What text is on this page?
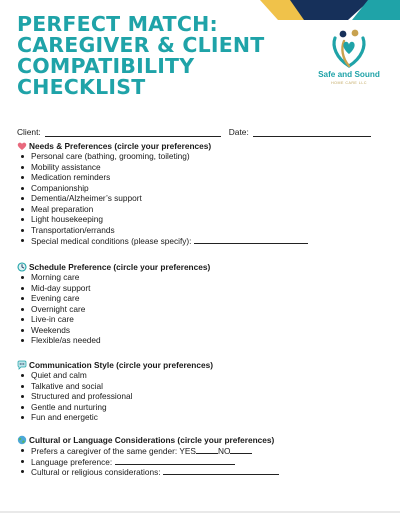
PERFECT MATCH:
CAREGIVER & CLIENT
COMPATIBILITY
CHECKLIST
Safe and Sound
HOME CARE LLC
Client:	Date:
Needs & Preferences (circle your preferences)
Personal care (bathing, grooming, toileting)
Mobility assistance
Medication reminders
Companionship
Dementia/Alzheimer’s support
Meal preparation
Light housekeeping
Transportation/errands
Special medical conditions (please specify):
Schedule Preference (circle your preferences)
Morning care
Mid-day support
Evening care
Overnight care
Live-in care
Weekends
Flexible/as needed
Communication Style (circle your preferences)
Quiet and calm
Talkative and social
Structured and professional
Gentle and nurturing
Fun and energetic
Cultural or Language Considerations (circle your preferences)
Prefers a caregiver of the same gender: YES	NO
Language preference:
Cultural or religious considerations:
